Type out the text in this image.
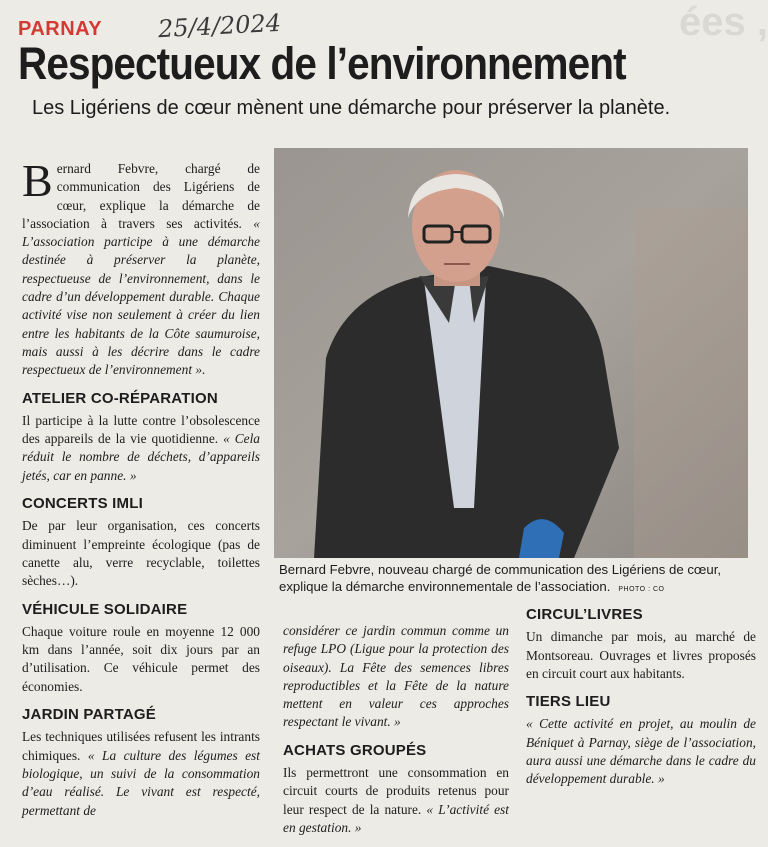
ées ,
PARNAY 25/4/2024
Respectueux de l’environnement
Les Ligériens de cœur mènent une démarche pour préserver la planète.

Bernard Febvre, chargé de communication des Ligériens de cœur, explique la démarche de l’association à travers ses activités. « L’association participe à une démarche destinée à préserver la planète, respectueuse de l’environnement, dans le cadre d’un développement durable. Chaque activité vise non seulement à créer du lien entre les habitants de la Côte saumuroise, mais aussi à les décrire dans le cadre respectueux de l’environnement ».

ATELIER CO-RÉPARATION

Il participe à la lutte contre l’obsolescence des appareils de la vie quotidienne. « Cela réduit le nombre de déchets, d’appareils jetés, car en panne. »

CONCERTS IMLI

De par leur organisation, ces concerts diminuent l’empreinte écologique (pas de canette alu, verre recyclable, toilettes sèches…).

VÉHICULE SOLIDAIRE

Chaque voiture roule en moyenne 12 000 km dans l’année, soit dix jours par an d’utilisation. Ce véhicule permet des économies.

JARDIN PARTAGÉ

Les techniques utilisées refusent les intrants chimiques. « La culture des légumes est biologique, un suivi de la consommation d’eau réalisé. Le vivant est respecté, permettant de

Bernard Febvre, nouveau chargé de communication des Ligériens de cœur, explique la démarche environnementale de l’association. PHOTO : CO

considérer ce jardin commun comme un refuge LPO (Ligue pour la protection des oiseaux). La Fête des semences libres reproductibles et la Fête de la nature mettent en valeur ces approches respectant le vivant. »

ACHATS GROUPÉS

Ils permettront une consommation en circuit courts de produits retenus pour leur respect de la nature. « L’activité est en gestation. »

CIRCUL’LIVRES

Un dimanche par mois, au marché de Montsoreau. Ouvrages et livres proposés en circuit court aux habitants.

TIERS LIEU

« Cette activité en projet, au moulin de Béniquet à Parnay, siège de l’association, aura aussi une démarche dans le cadre du développement durable. »
